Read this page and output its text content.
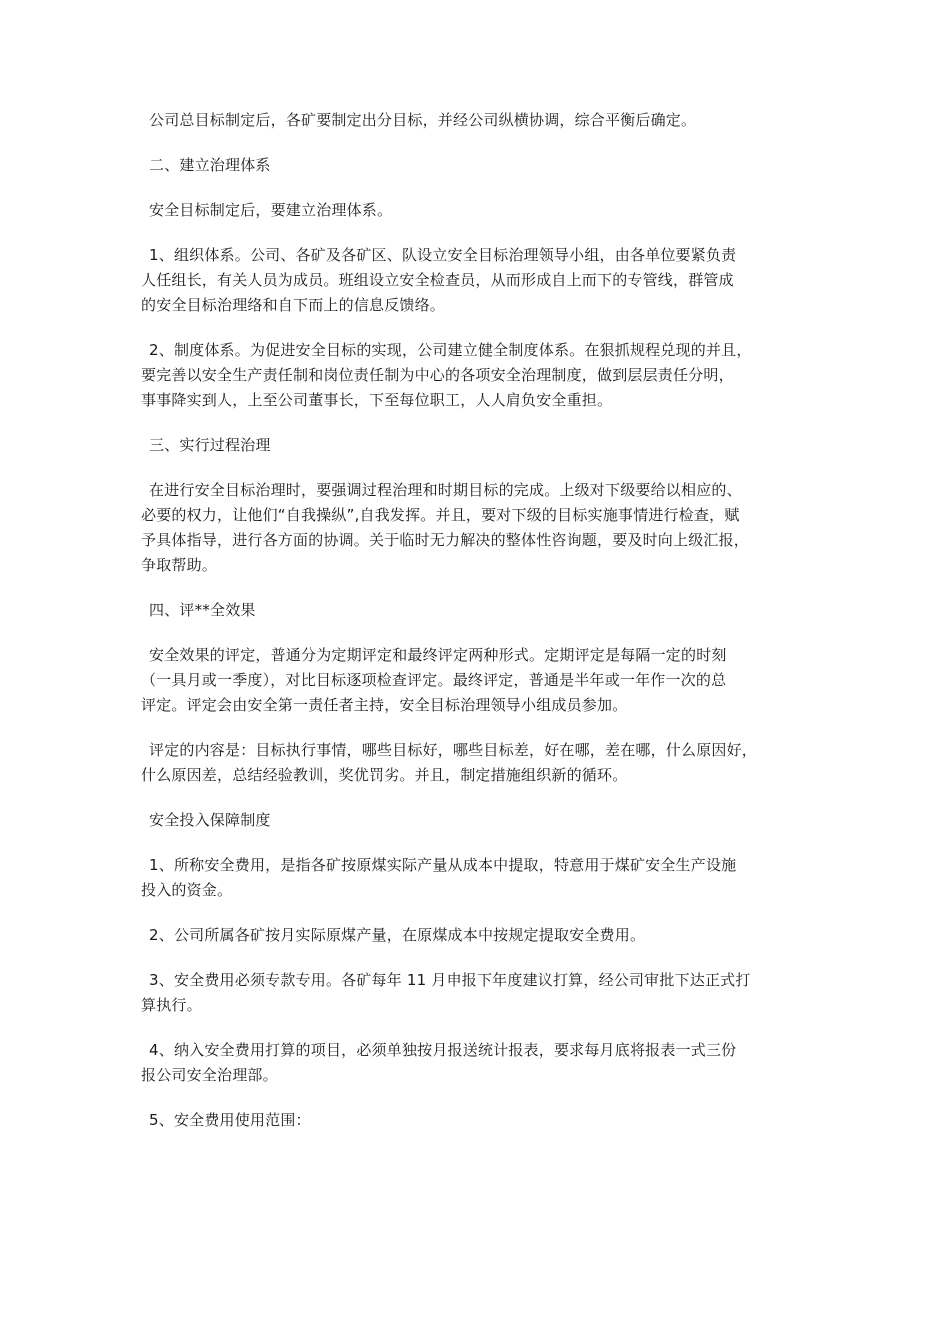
公司总目标制定后，各矿要制定出分目标，并经公司纵横协调，综合平衡后确定。

二、建立治理体系

安全目标制定后，要建立治理体系。

1、组织体系。公司、各矿及各矿区、队设立安全目标治理领导小组，由各单位要紧负责
人任组长，有关人员为成员。班组设立安全检查员，从而形成自上而下的专管线，群管成
的安全目标治理络和自下而上的信息反馈络。

2、制度体系。为促进安全目标的实现，公司建立健全制度体系。在狠抓规程兑现的并且，
要完善以安全生产责任制和岗位责任制为中心的各项安全治理制度，做到层层责任分明，
事事降实到人，上至公司董事长，下至每位职工，人人肩负安全重担。

三、实行过程治理

在进行安全目标治理时，要强调过程治理和时期目标的完成。上级对下级要给以相应的、
必要的权力，让他们“自我操纵”,自我发挥。并且，要对下级的目标实施事情进行检查，赋
予具体指导，进行各方面的协调。关于临时无力解决的整体性咨询题，要及时向上级汇报，
争取帮助。

四、评**全效果

安全效果的评定，普通分为定期评定和最终评定两种形式。定期评定是每隔一定的时刻
（一具月或一季度），对比目标逐项检查评定。最终评定，普通是半年或一年作一次的总
评定。评定会由安全第一责任者主持，安全目标治理领导小组成员参加。

评定的内容是：目标执行事情，哪些目标好，哪些目标差，好在哪，差在哪，什么原因好，
什么原因差，总结经验教训，奖优罚劣。并且，制定措施组织新的循环。

安全投入保障制度

1、所称安全费用，是指各矿按原煤实际产量从成本中提取，特意用于煤矿安全生产设施
投入的资金。

2、公司所属各矿按月实际原煤产量，在原煤成本中按规定提取安全费用。

3、安全费用必须专款专用。各矿每年 11 月申报下年度建议打算，经公司审批下达正式打
算执行。

4、纳入安全费用打算的项目，必须单独按月报送统计报表，要求每月底将报表一式三份
报公司安全治理部。

5、安全费用使用范围：
